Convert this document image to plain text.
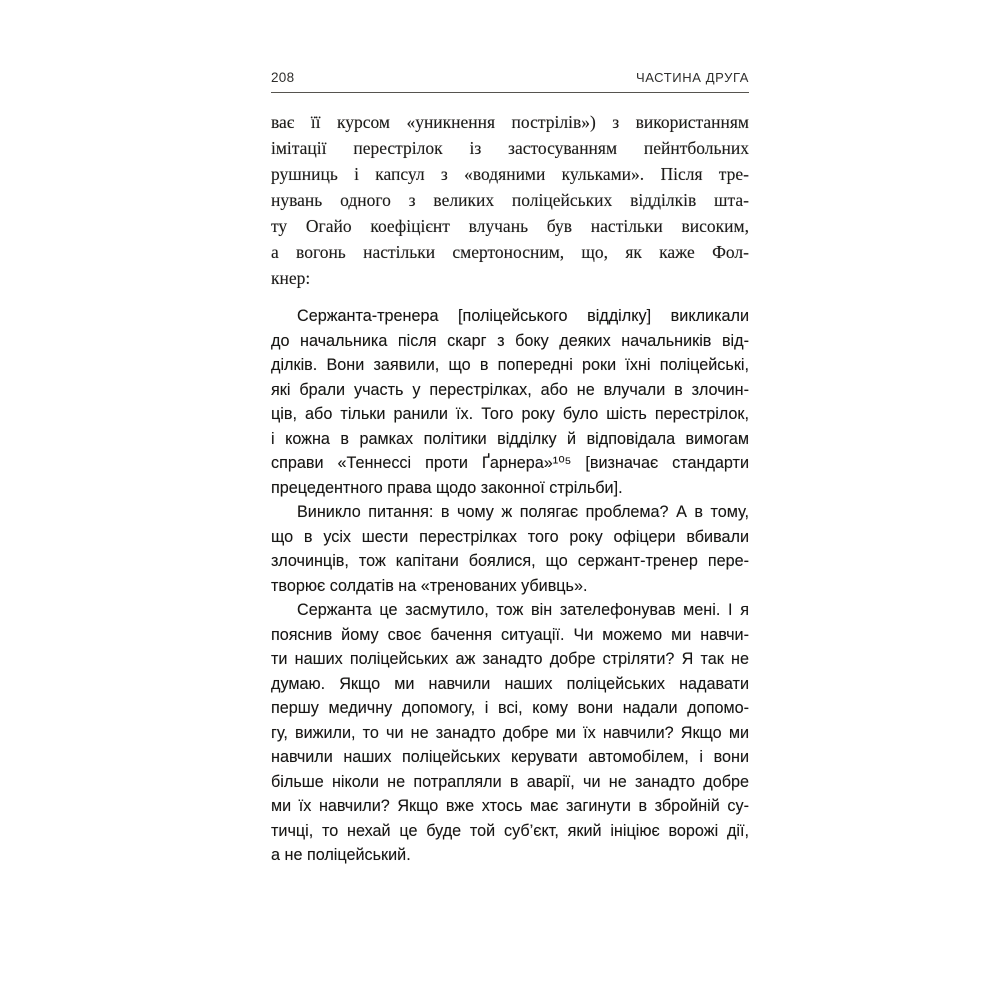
208	ЧАСТИНА ДРУГА
ває її курсом «уникнення пострілів») з використанням
імітації перестрілок із застосуванням пейнтбольних
рушниць і капсул з «водяними кульками». Після тре-
нувань одного з великих поліцейських відділків шта-
ту Огайо коефіцієнт влучань був настільки високим,
а вогонь настільки смертоносним, що, як каже Фол-
кнер:
Сержанта-тренера [поліцейського відділку] викликали
до начальника після скарг з боку деяких начальників від-
ділків. Вони заявили, що в попередні роки їхні поліцейські,
які брали участь у перестрілках, або не влучали в злочин-
ців, або тільки ранили їх. Того року було шість перестрілок,
і кожна в рамках політики відділку й відповідала вимогам
справи «Теннессі проти Ґарнера»¹⁰⁵ [визначає стандарти
прецедентного права щодо законної стрільби].
Виникло питання: в чому ж полягає проблема? А в тому,
що в усіх шести перестрілках того року офіцери вбивали
злочинців, тож капітани боялися, що сержант-тренер пере-
творює солдатів на «тренованих убивць».
Сержанта це засмутило, тож він зателефонував мені. І я
пояснив йому своє бачення ситуації. Чи можемо ми навчи-
ти наших поліцейських аж занадто добре стріляти? Я так не
думаю. Якщо ми навчили наших поліцейських надавати
першу медичну допомогу, і всі, кому вони надали допомо-
гу, вижили, то чи не занадто добре ми їх навчили? Якщо ми
навчили наших поліцейських керувати автомобілем, і вони
більше ніколи не потрапляли в аварії, чи не занадто добре
ми їх навчили? Якщо вже хтось має загинути в збройній су-
тичці, то нехай це буде той суб’єкт, який ініціює ворожі дії,
а не поліцейський.
